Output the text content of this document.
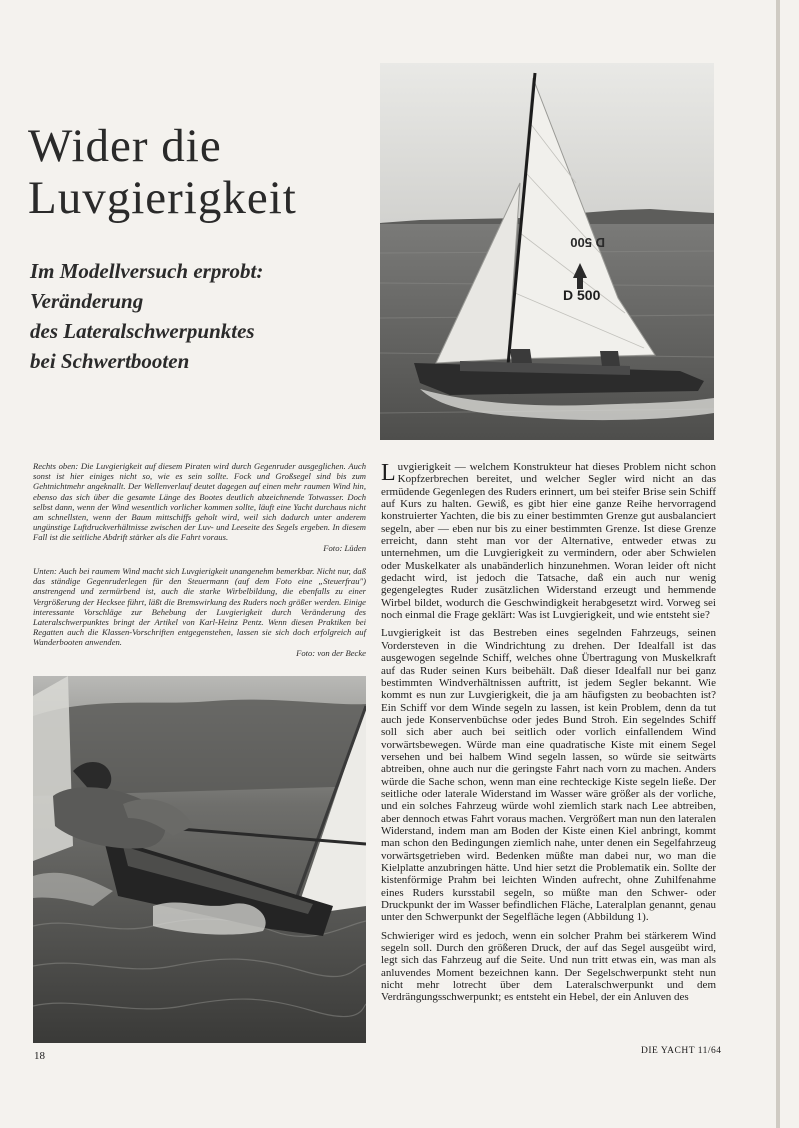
Wider die
Luvgierigkeit
Im Modellversuch erprobt:
Veränderung
des Lateralschwerpunktes
bei Schwertbooten
D 500
D 500

Rechts oben: Die Luvgierigkeit auf diesem Piraten wird durch Gegenruder ausgeglichen. Auch sonst ist hier einiges nicht so, wie es sein sollte. Fock und Großsegel sind bis zum Gehtnichtmehr angeknallt. Der Wellenverlauf deutet dagegen auf einen mehr raumen Wind hin, ebenso das sich über die gesamte Länge des Bootes deutlich abzeichnende Totwasser. Doch selbst dann, wenn der Wind wesentlich vorlicher kommen sollte, läuft eine Yacht durchaus nicht am schnellsten, wenn der Baum mittschiffs geholt wird, weil sich dadurch unter anderem ungünstige Luftdruckverhältnisse zwischen der Luv- und Leeseite des Segels ergeben. In diesem Fall ist die seitliche Abdrift stärker als die Fahrt voraus.

Foto: Lüden

Unten: Auch bei raumem Wind macht sich Luvgierigkeit unangenehm bemerkbar. Nicht nur, daß das ständige Gegenruderlegen für den Steuermann (auf dem Foto eine „Steuerfrau") anstrengend und zermürbend ist, auch die starke Wirbelbildung, die ebenfalls zu einer Vergrößerung der Hecksee führt, läßt die Bremswirkung des Ruders noch größer werden. Einige interessante Vorschläge zur Behebung der Luvgierigkeit durch Veränderung des Lateralschwerpunktes bringt der Artikel von Karl-Heinz Pentz. Wenn diesen Praktiken bei Regatten auch die Klassen-Vorschriften entgegenstehen, lassen sie sich doch erfolgreich auf Wanderbooten anwenden.

Foto: von der Becke

Luvgierigkeit — welchem Konstrukteur hat dieses Problem nicht schon Kopfzerbrechen bereitet, und welcher Segler wird nicht an das ermüdende Gegenlegen des Ruders erinnert, um bei steifer Brise sein Schiff auf Kurs zu halten. Gewiß, es gibt hier eine ganze Reihe hervorragend konstruierter Yachten, die bis zu einer bestimmten Grenze gut ausbalanciert segeln, aber — eben nur bis zu einer bestimmten Grenze. Ist diese Grenze erreicht, dann steht man vor der Alternative, entweder etwas zu unternehmen, um die Luvgierigkeit zu vermindern, oder aber Schwielen oder Muskelkater als unabänderlich hinzunehmen. Woran leider oft nicht gedacht wird, ist jedoch die Tatsache, daß ein auch nur wenig gegengelegtes Ruder zusätzlichen Widerstand erzeugt und hemmende Wirbel bildet, wodurch die Geschwindigkeit herabgesetzt wird. Vorweg sei noch einmal die Frage geklärt: Was ist Luvgierigkeit, und wie entsteht sie?

Luvgierigkeit ist das Bestreben eines segelnden Fahrzeugs, seinen Vordersteven in die Windrichtung zu drehen. Der Idealfall ist das ausgewogen segelnde Schiff, welches ohne Übertragung von Muskelkraft auf das Ruder seinen Kurs beibehält. Daß dieser Idealfall nur bei ganz bestimmten Windverhältnissen auftritt, ist jedem Segler bekannt. Wie kommt es nun zur Luvgierigkeit, die ja am häufigsten zu beobachten ist? Ein Schiff vor dem Winde segeln zu lassen, ist kein Problem, denn da tut auch jede Konservenbüchse oder jedes Bund Stroh. Ein segelndes Schiff soll sich aber auch bei seitlich oder vorlich einfallendem Wind vorwärtsbewegen. Würde man eine quadratische Kiste mit einem Segel versehen und bei halbem Wind segeln lassen, so würde sie seitwärts abtreiben, ohne auch nur die geringste Fahrt nach vorn zu machen. Anders würde die Sache schon, wenn man eine rechteckige Kiste segeln ließe. Der seitliche oder laterale Widerstand im Wasser wäre größer als der vorliche, und ein solches Fahrzeug würde wohl ziemlich stark nach Lee abtreiben, aber dennoch etwas Fahrt voraus machen. Vergrößert man nun den lateralen Widerstand, indem man am Boden der Kiste einen Kiel anbringt, kommt man schon den Bedingungen ziemlich nahe, unter denen ein Segelfahrzeug vorwärtsgetrieben wird. Bedenken müßte man dabei nur, wo man die Kielplatte anzubringen hätte. Und hier setzt die Problematik ein. Sollte der kistenförmige Prahm bei leichten Winden aufrecht, ohne Zuhilfenahme eines Ruders kursstabil segeln, so müßte man den Schwer- oder Druckpunkt der im Wasser befindlichen Fläche, Lateralplan genannt, genau unter den Schwerpunkt der Segelfläche legen (Abbildung 1).

Schwieriger wird es jedoch, wenn ein solcher Prahm bei stärkerem Wind segeln soll. Durch den größeren Druck, der auf das Segel ausgeübt wird, legt sich das Fahrzeug auf die Seite. Und nun tritt etwas ein, was man als anluvendes Moment bezeichnen kann. Der Segelschwerpunkt steht nun nicht mehr lotrecht über dem Lateralschwerpunkt und dem Verdrängungsschwerpunkt; es entsteht ein Hebel, der ein Anluven des

18	DIE YACHT 11/64
